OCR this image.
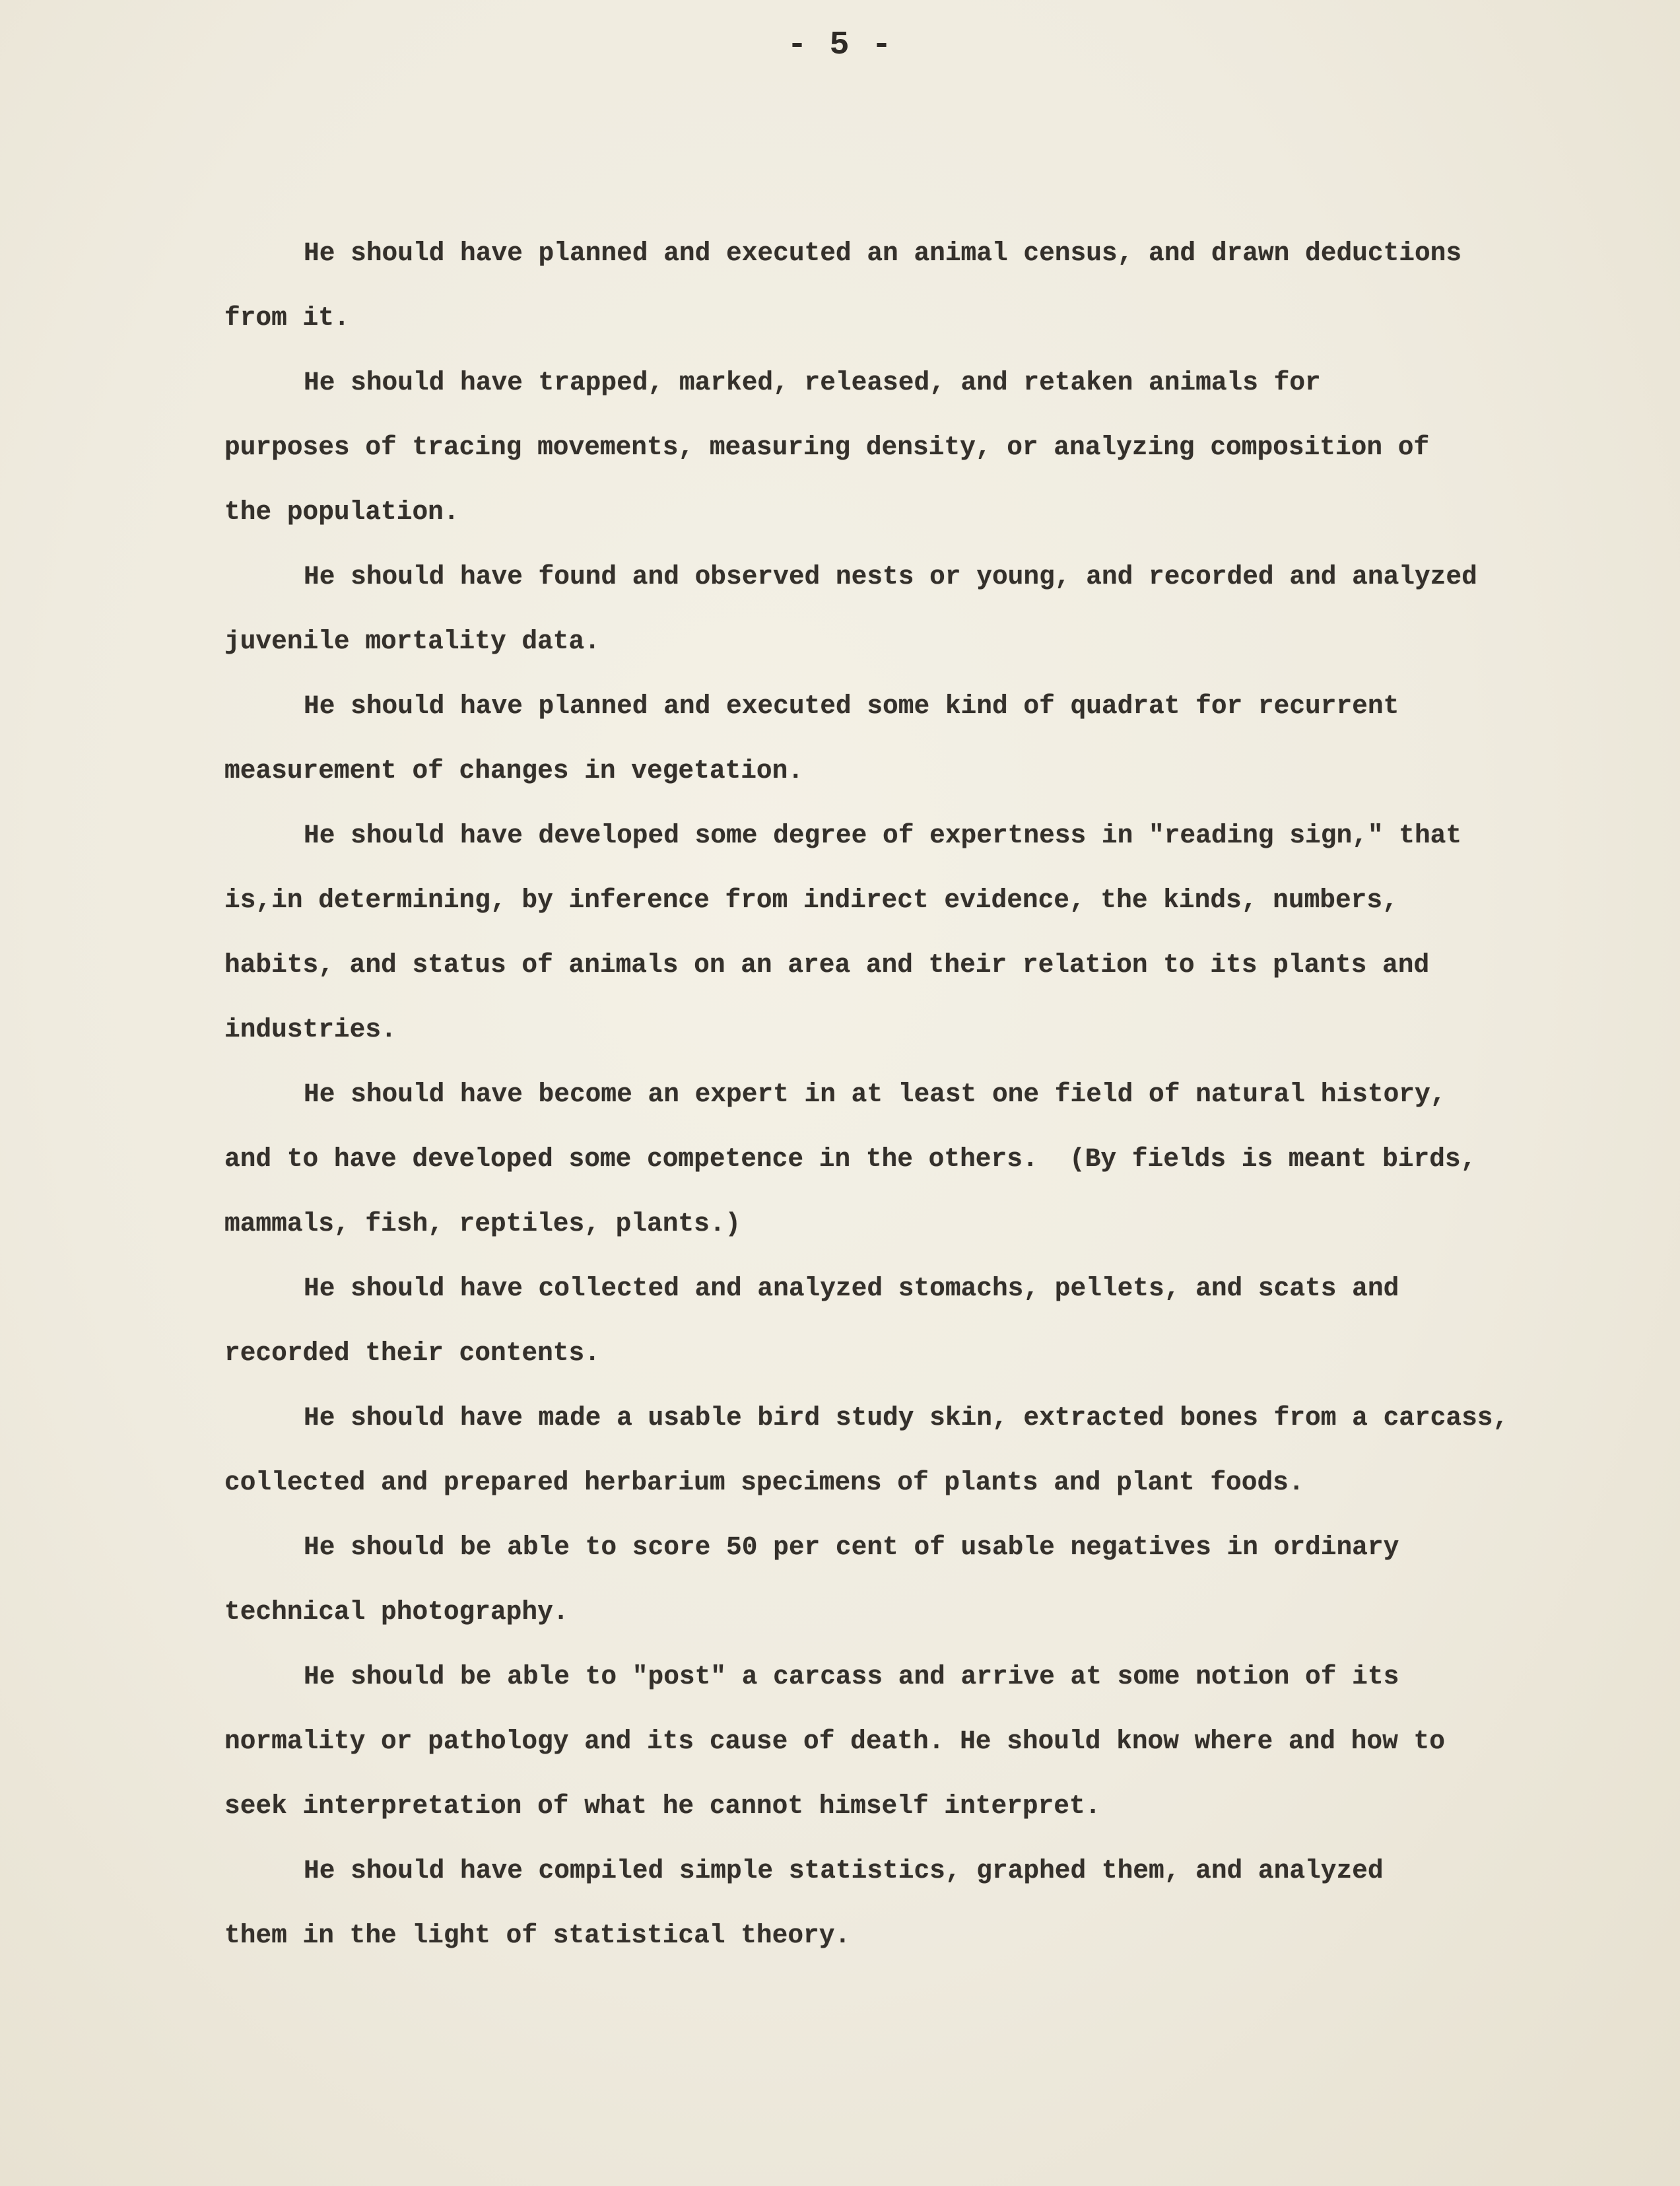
- 5 -

He should have planned and executed an animal census, and drawn deductions
from it.

He should have trapped, marked, released, and retaken animals for
purposes of tracing movements, measuring density, or analyzing composition of
the population.

He should have found and observed nests or young, and recorded and analyzed
juvenile mortality data.

He should have planned and executed some kind of quadrat for recurrent
measurement of changes in vegetation.

He should have developed some degree of expertness in "reading sign," that
is,in determining, by inference from indirect evidence, the kinds, numbers,
habits, and status of animals on an area and their relation to its plants and
industries.

He should have become an expert in at least one field of natural history,
and to have developed some competence in the others.  (By fields is meant birds,
mammals, fish, reptiles, plants.)

He should have collected and analyzed stomachs, pellets, and scats and
recorded their contents.

He should have made a usable bird study skin, extracted bones from a carcass,
collected and prepared herbarium specimens of plants and plant foods.

He should be able to score 50 per cent of usable negatives in ordinary
technical photography.

He should be able to "post" a carcass and arrive at some notion of its
normality or pathology and its cause of death. He should know where and how to
seek interpretation of what he cannot himself interpret.

He should have compiled simple statistics, graphed them, and analyzed
them in the light of statistical theory.
